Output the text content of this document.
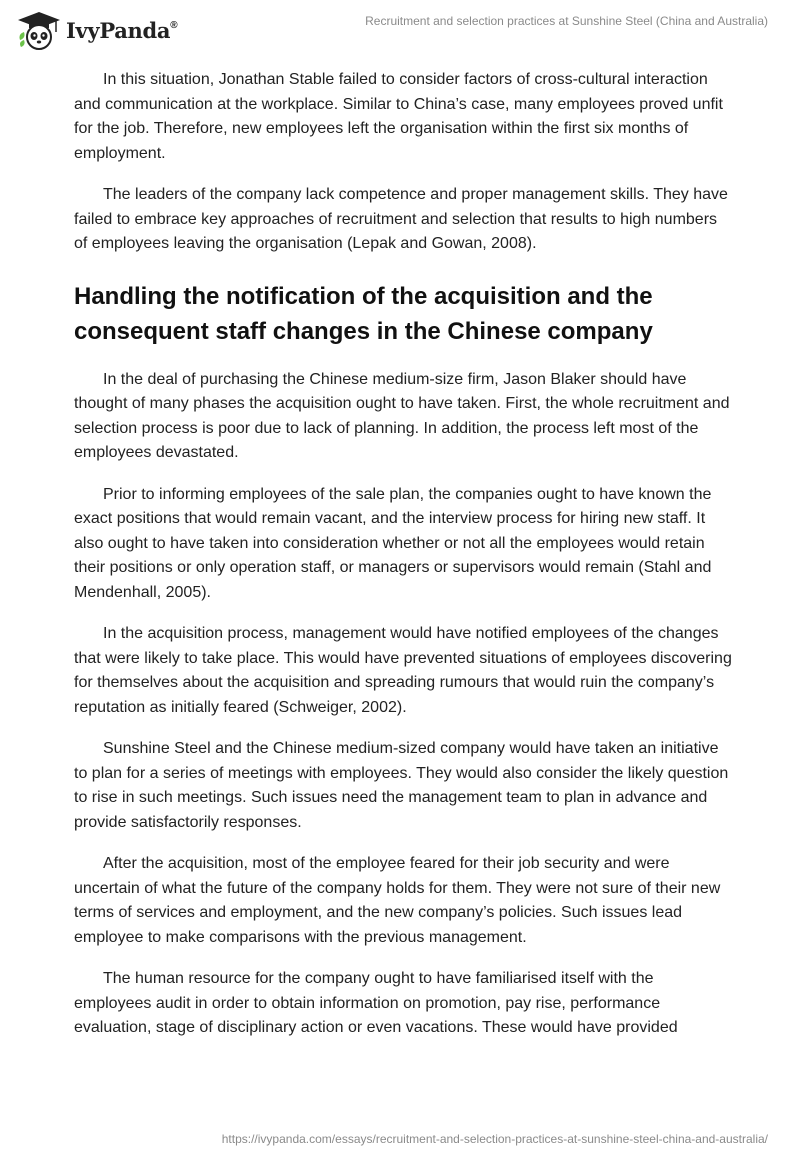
IvyPanda®	Recruitment and selection practices at Sunshine Steel (China and Australia)

In this situation, Jonathan Stable failed to consider factors of cross-cultural interaction and communication at the workplace. Similar to China’s case, many employees proved unfit for the job. Therefore, new employees left the organisation within the first six months of employment.

The leaders of the company lack competence and proper management skills. They have failed to embrace key approaches of recruitment and selection that results to high numbers of employees leaving the organisation (Lepak and Gowan, 2008).

Handling the notification of the acquisition and the consequent staff changes in the Chinese company

In the deal of purchasing the Chinese medium-size firm, Jason Blaker should have thought of many phases the acquisition ought to have taken. First, the whole recruitment and selection process is poor due to lack of planning. In addition, the process left most of the employees devastated.

Prior to informing employees of the sale plan, the companies ought to have known the exact positions that would remain vacant, and the interview process for hiring new staff. It also ought to have taken into consideration whether or not all the employees would retain their positions or only operation staff, or managers or supervisors would remain (Stahl and Mendenhall, 2005).

In the acquisition process, management would have notified employees of the changes that were likely to take place. This would have prevented situations of employees discovering for themselves about the acquisition and spreading rumours that would ruin the company’s reputation as initially feared (Schweiger, 2002).

Sunshine Steel and the Chinese medium-sized company would have taken an initiative to plan for a series of meetings with employees. They would also consider the likely question to rise in such meetings. Such issues need the management team to plan in advance and provide satisfactorily responses.

After the acquisition, most of the employee feared for their job security and were uncertain of what the future of the company holds for them. They were not sure of their new terms of services and employment, and the new company’s policies. Such issues lead employee to make comparisons with the previous management.

The human resource for the company ought to have familiarised itself with the employees audit in order to obtain information on promotion, pay rise, performance evaluation, stage of disciplinary action or even vacations. These would have provided

https://ivypanda.com/essays/recruitment-and-selection-practices-at-sunshine-steel-china-and-australia/
